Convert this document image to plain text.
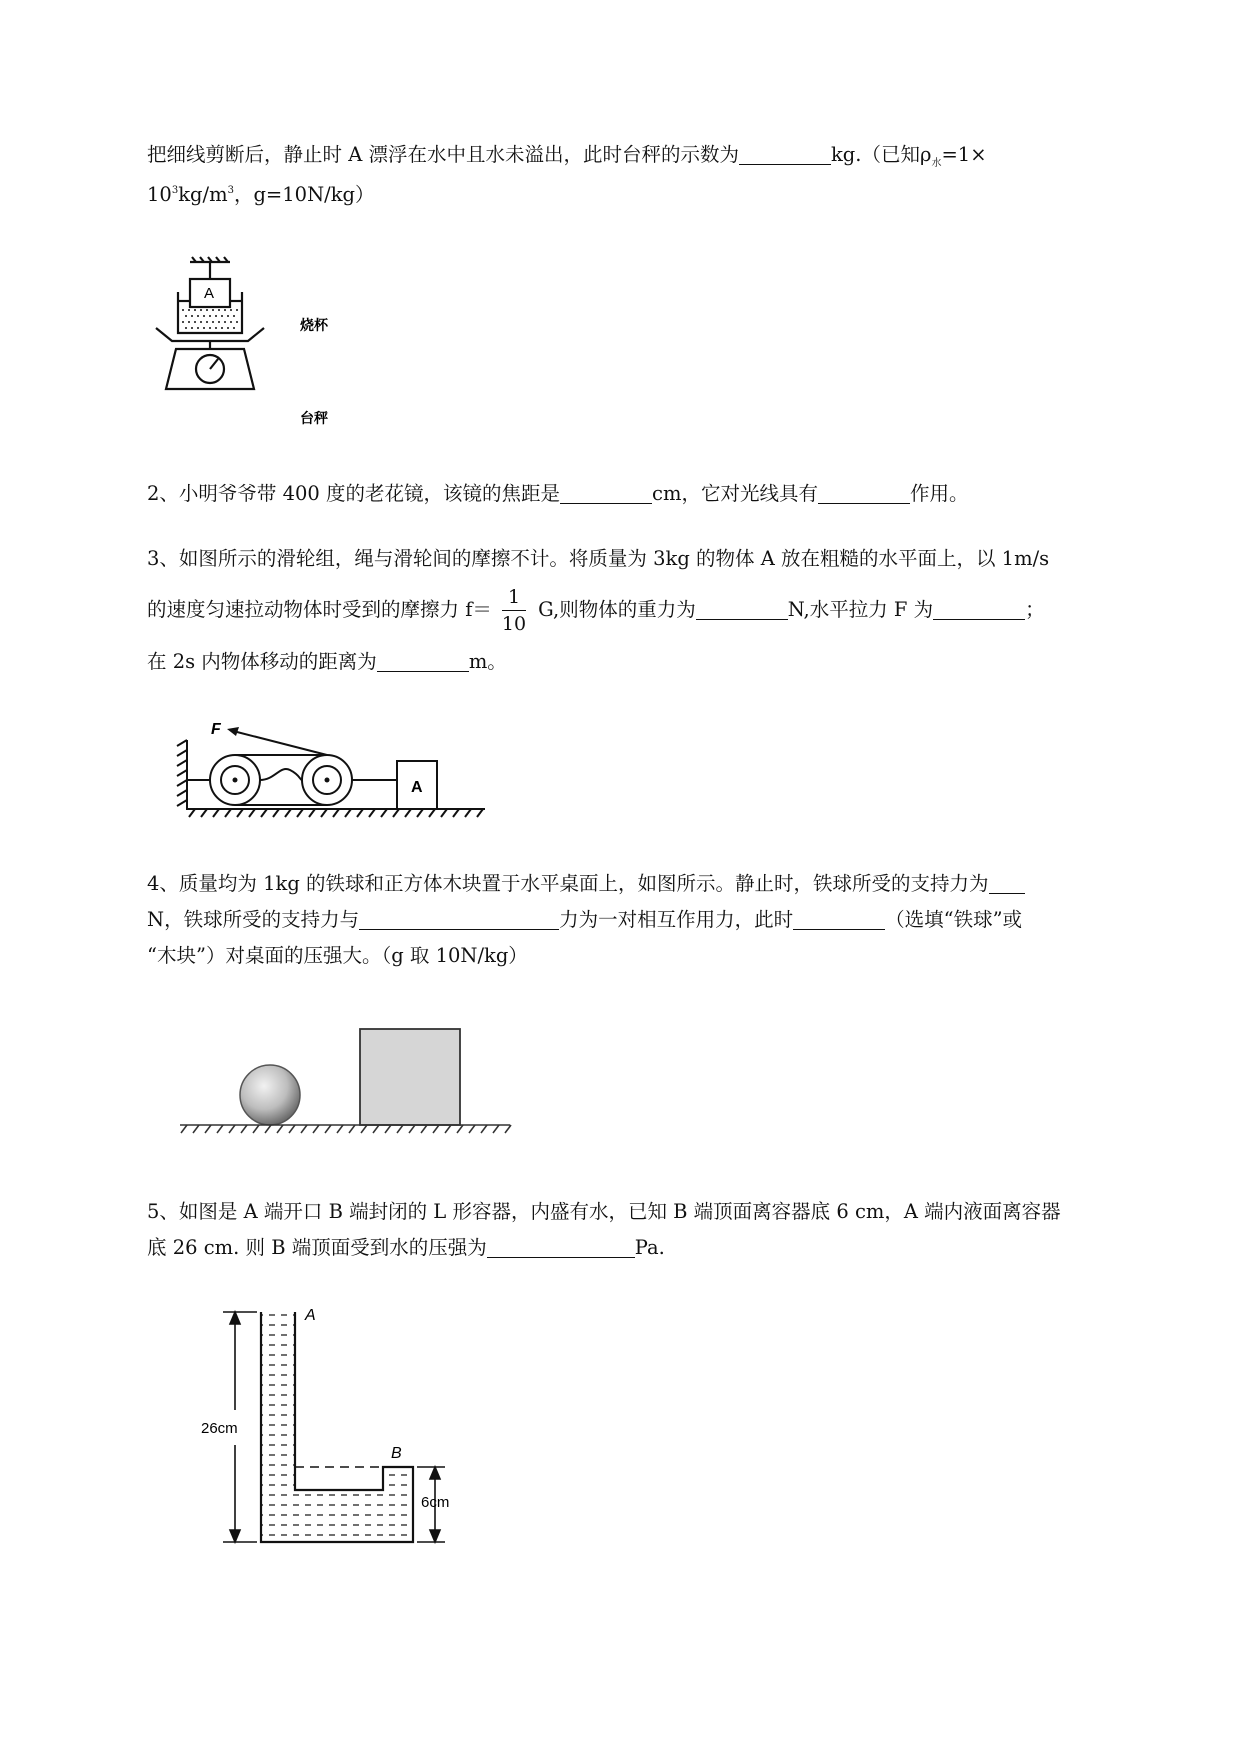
把细线剪断后，静止时 A 漂浮在水中且水未溢出，此时台秤的示数为	kg.（已知$\rho_水=1\times$
$10^3kg/m^3$，g=10N/kg）
A
烧杯
台秤
2、小明爷爷带 400 度的老花镜，该镜的焦距是	cm，它对光线具有	作用。
3、如图所示的滑轮组，绳与滑轮间的摩擦不计。将质量为 3kg 的物体 A 放在粗糙的水平面上，以 1m/s
的速度匀速拉动物体时受到的摩擦力 $f= \frac{1}{10} G$,则物体的重力为	N,水平拉力 F 为	；
在 2s 内物体移动的距离为	m。
F
A
4、质量均为 1kg 的铁球和正方体木块置于水平桌面上，如图所示。静止时，铁球所受的支持力为
N，铁球所受的支持力与	力为一对相互作用力，此时	（选填“铁球”或
“木块”）对桌面的压强大。（g 取 10N/kg）
5、如图是 A 端开口 B 端封闭的 L 形容器，内盛有水，已知 B 端顶面离容器底 6 cm，A 端内液面离容器
底 26 cm. 则 B 端顶面受到水的压强为	Pa.
A
B
26cm
6cm
